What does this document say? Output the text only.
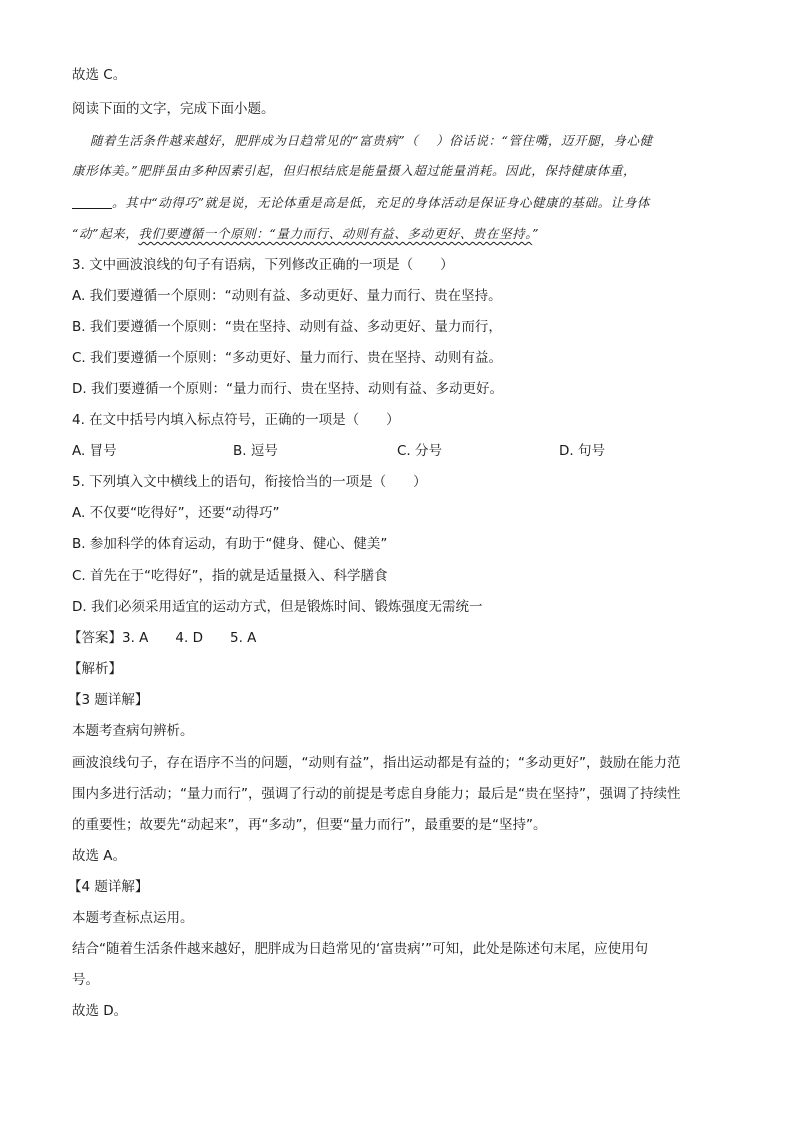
故选 C。
阅读下面的文字，完成下面小题。
随着生活条件越来越好，肥胖成为日趋常见的“富贵病”（　 ）俗话说：“管住嘴，迈开腿，身心健
康形体美。”肥胖虽由多种因素引起，但归根结底是能量摄入超过能量消耗。因此，保持健康体重，
。其中“动得巧”就是说，无论体重是高是低，充足的身体活动是保证身心健康的基础。让身体
“动”起来，我们要遵循一个原则：“量力而行、动则有益、多动更好、贵在坚持。”
3. 文中画波浪线的句子有语病，下列修改正确的一项是（　　）
A. 我们要遵循一个原则：“动则有益、多动更好、量力而行、贵在坚持。
B. 我们要遵循一个原则：“贵在坚持、动则有益、多动更好、量力而行，
C. 我们要遵循一个原则：“多动更好、量力而行、贵在坚持、动则有益。
D. 我们要遵循一个原则：“量力而行、贵在坚持、动则有益、多动更好。
4. 在文中括号内填入标点符号，正确的一项是（　　）
A. 冒号	B. 逗号	C. 分号	D. 句号
5. 下列填入文中横线上的语句，衔接恰当的一项是（　　）
A. 不仅要“吃得好”，还要“动得巧”
B. 参加科学的体育运动，有助于“健身、健心、健美”
C. 首先在于“吃得好”，指的就是适量摄入、科学膳食
D. 我们必须采用适宜的运动方式，但是锻炼时间、锻炼强度无需统一
【答案】3. A　　4. D　　5. A
【解析】
【3 题详解】
本题考查病句辨析。
画波浪线句子，存在语序不当的问题，“动则有益”，指出运动都是有益的；“多动更好”，鼓励在能力范
围内多进行活动；“量力而行”，强调了行动的前提是考虑自身能力；最后是“贵在坚持”，强调了持续性
的重要性；故要先“动起来”，再“多动”，但要“量力而行”，最重要的是“坚持”。
故选 A。
【4 题详解】
本题考查标点运用。
结合“随着生活条件越来越好，肥胖成为日趋常见的‘富贵病’”可知，此处是陈述句末尾，应使用句
号。
故选 D。
